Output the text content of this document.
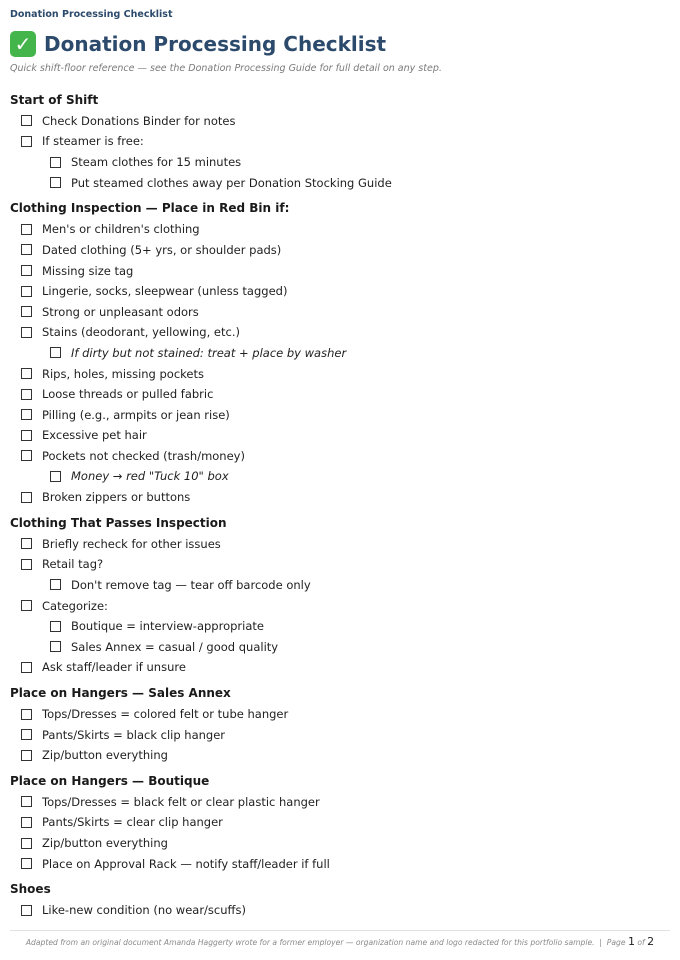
Donation Processing Checklist
✓ Donation Processing Checklist
Quick shift-floor reference — see the Donation Processing Guide for full detail on any step.
Start of Shift
Check Donations Binder for notes
If steamer is free:
Steam clothes for 15 minutes
Put steamed clothes away per Donation Stocking Guide
Clothing Inspection — Place in Red Bin if:
Men's or children's clothing
Dated clothing (5+ yrs, or shoulder pads)
Missing size tag
Lingerie, socks, sleepwear (unless tagged)
Strong or unpleasant odors
Stains (deodorant, yellowing, etc.)
If dirty but not stained: treat + place by washer
Rips, holes, missing pockets
Loose threads or pulled fabric
Pilling (e.g., armpits or jean rise)
Excessive pet hair
Pockets not checked (trash/money)
Money → red "Tuck 10" box
Broken zippers or buttons
Clothing That Passes Inspection
Briefly recheck for other issues
Retail tag?
Don't remove tag — tear off barcode only
Categorize:
Boutique = interview-appropriate
Sales Annex = casual / good quality
Ask staff/leader if unsure
Place on Hangers — Sales Annex
Tops/Dresses = colored felt or tube hanger
Pants/Skirts = black clip hanger
Zip/button everything
Place on Hangers — Boutique
Tops/Dresses = black felt or clear plastic hanger
Pants/Skirts = clear clip hanger
Zip/button everything
Place on Approval Rack — notify staff/leader if full
Shoes
Like-new condition (no wear/scuffs)
Adapted from an original document Amanda Haggerty wrote for a former employer — organization name and logo redacted for this portfolio sample. | Page 1 of 2
